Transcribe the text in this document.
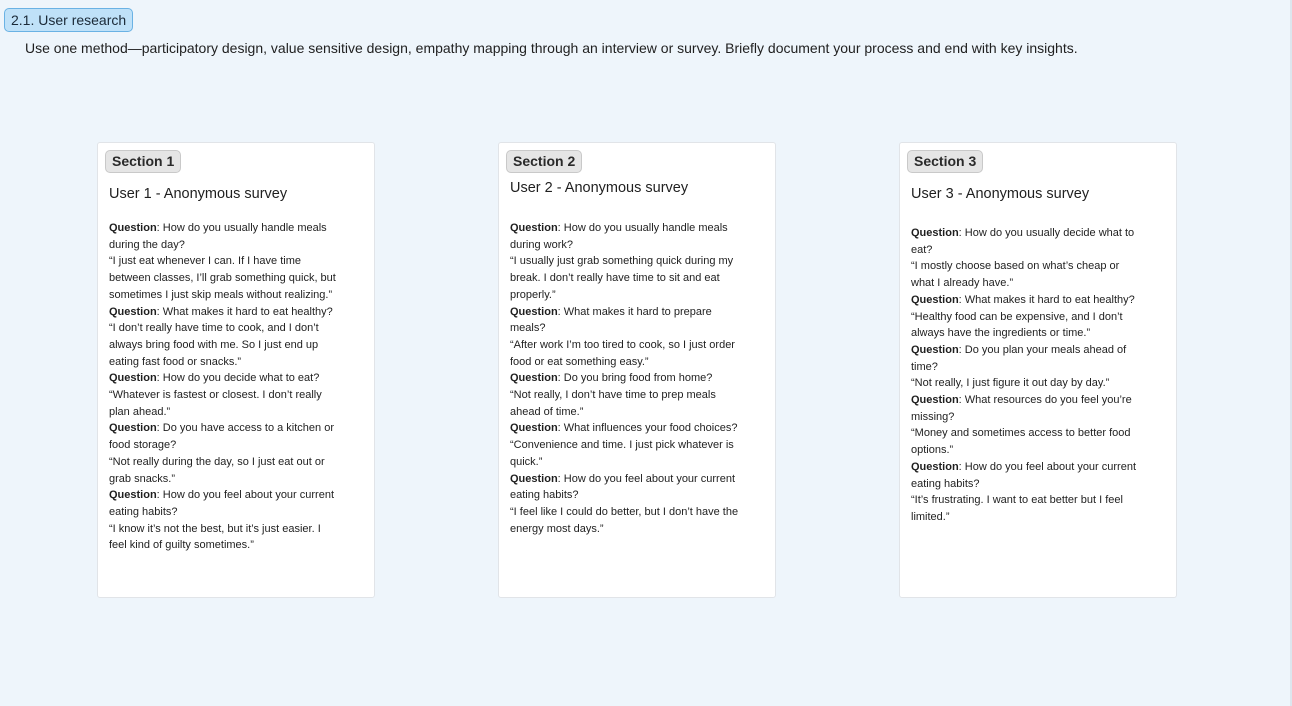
2.1. User research
Use one method—participatory design, value sensitive design, empathy mapping through an interview or survey. Briefly document your process and end with key insights.
Section 1
User 1 - Anonymous survey

Question: How do you usually handle meals during the day?

“I just eat whenever I can. If I have time between classes, I’ll grab something quick, but sometimes I just skip meals without realizing.”

Question: What makes it hard to eat healthy?

“I don’t really have time to cook, and I don’t always bring food with me. So I just end up eating fast food or snacks.”

Question: How do you decide what to eat?

“Whatever is fastest or closest. I don’t really plan ahead.”

Question: Do you have access to a kitchen or food storage?

“Not really during the day, so I just eat out or grab snacks.”

Question: How do you feel about your current eating habits?

“I know it’s not the best, but it’s just easier. I feel kind of guilty sometimes.”

Section 2
User 2 - Anonymous survey

Question: How do you usually handle meals during work?

“I usually just grab something quick during my break. I don’t really have time to sit and eat properly.”

Question: What makes it hard to prepare meals?

“After work I’m too tired to cook, so I just order food or eat something easy.”

Question: Do you bring food from home?

“Not really, I don’t have time to prep meals ahead of time.”

Question: What influences your food choices?

“Convenience and time. I just pick whatever is quick.”

Question: How do you feel about your current eating habits?

“I feel like I could do better, but I don’t have the energy most days.”

Section 3
User 3 - Anonymous survey

Question: How do you usually decide what to eat?

“I mostly choose based on what’s cheap or what I already have.”

Question: What makes it hard to eat healthy?

“Healthy food can be expensive, and I don’t always have the ingredients or time.”

Question: Do you plan your meals ahead of time?

“Not really, I just figure it out day by day.”

Question: What resources do you feel you’re missing?

“Money and sometimes access to better food options.”

Question: How do you feel about your current eating habits?

“It’s frustrating. I want to eat better but I feel limited.”
